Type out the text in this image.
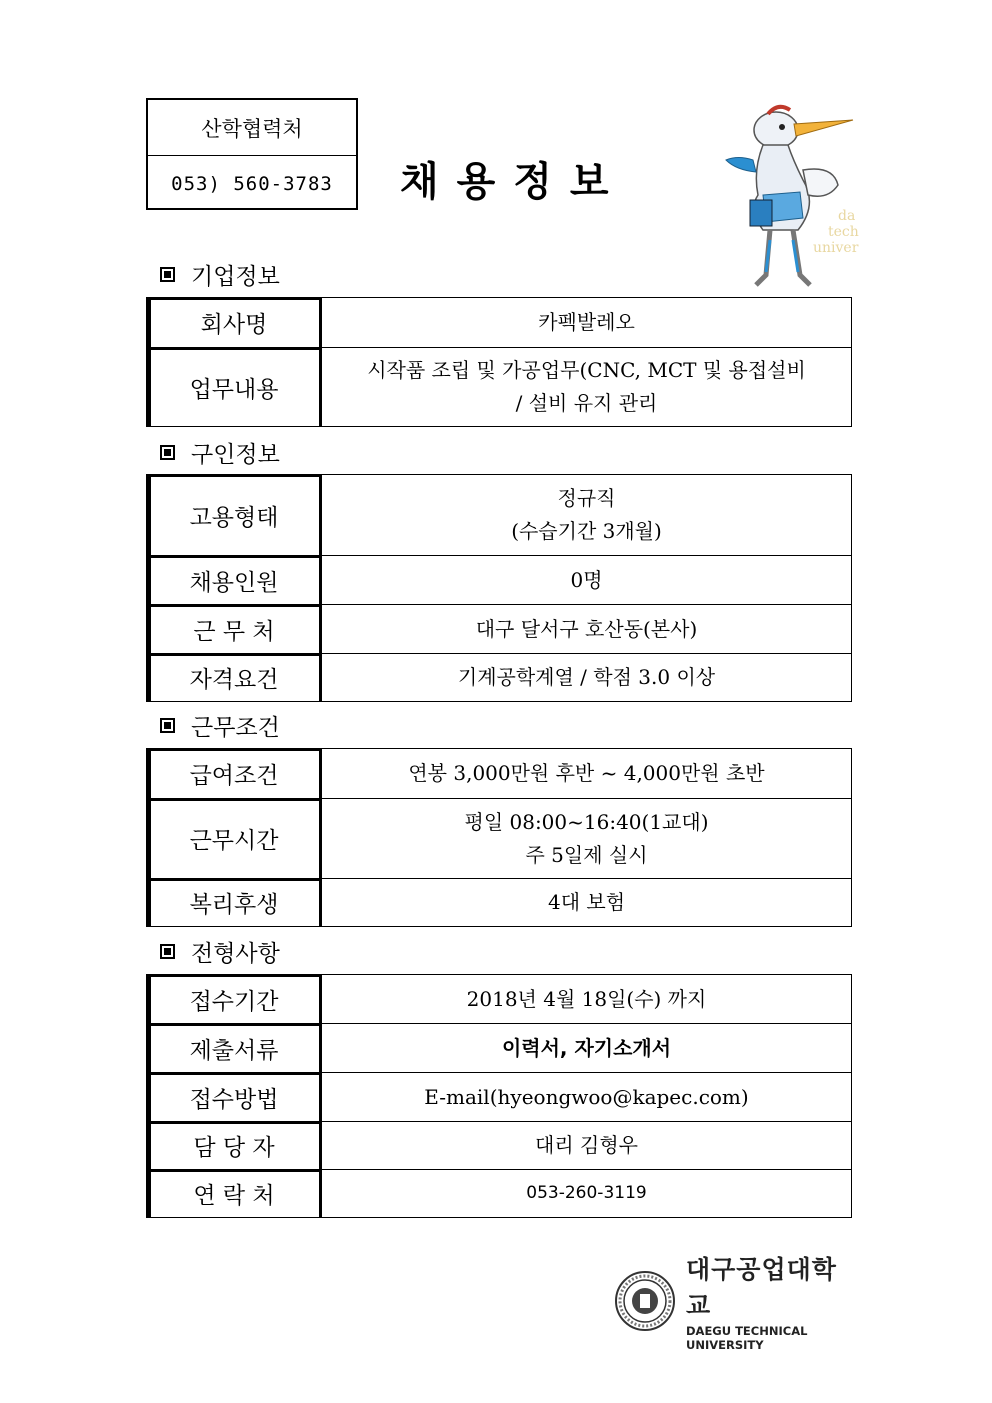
산학협력처
053) 560-3783	채용정보
da
tech
univer
기업정보
회사명	카펙발레오

업무내용	시작품 조립 및 가공업무(CNC, MCT 및 용접설비
/ 설비 유지 관리
구인정보
고용형태	정규직
(수습기간 3개월)

채용인원	0명

근 무 처	대구 달서구 호산동(본사)

자격요건	기계공학계열 / 학점 3.0 이상
근무조건
급여조건	연봉 3,000만원 후반 ~ 4,000만원 초반

근무시간	평일 08:00~16:40(1교대)
주 5일제 실시

복리후생	4대 보험
전형사항
접수기간	2018년 4월 18일(수) 까지

제출서류	이력서, 자기소개서

접수방법	E-mail(hyeongwoo@kapec.com)

담 당 자	대리 김형우

연 락 처	053-260-3119
대구공업대학교
DAEGU TECHNICAL UNIVERSITY
